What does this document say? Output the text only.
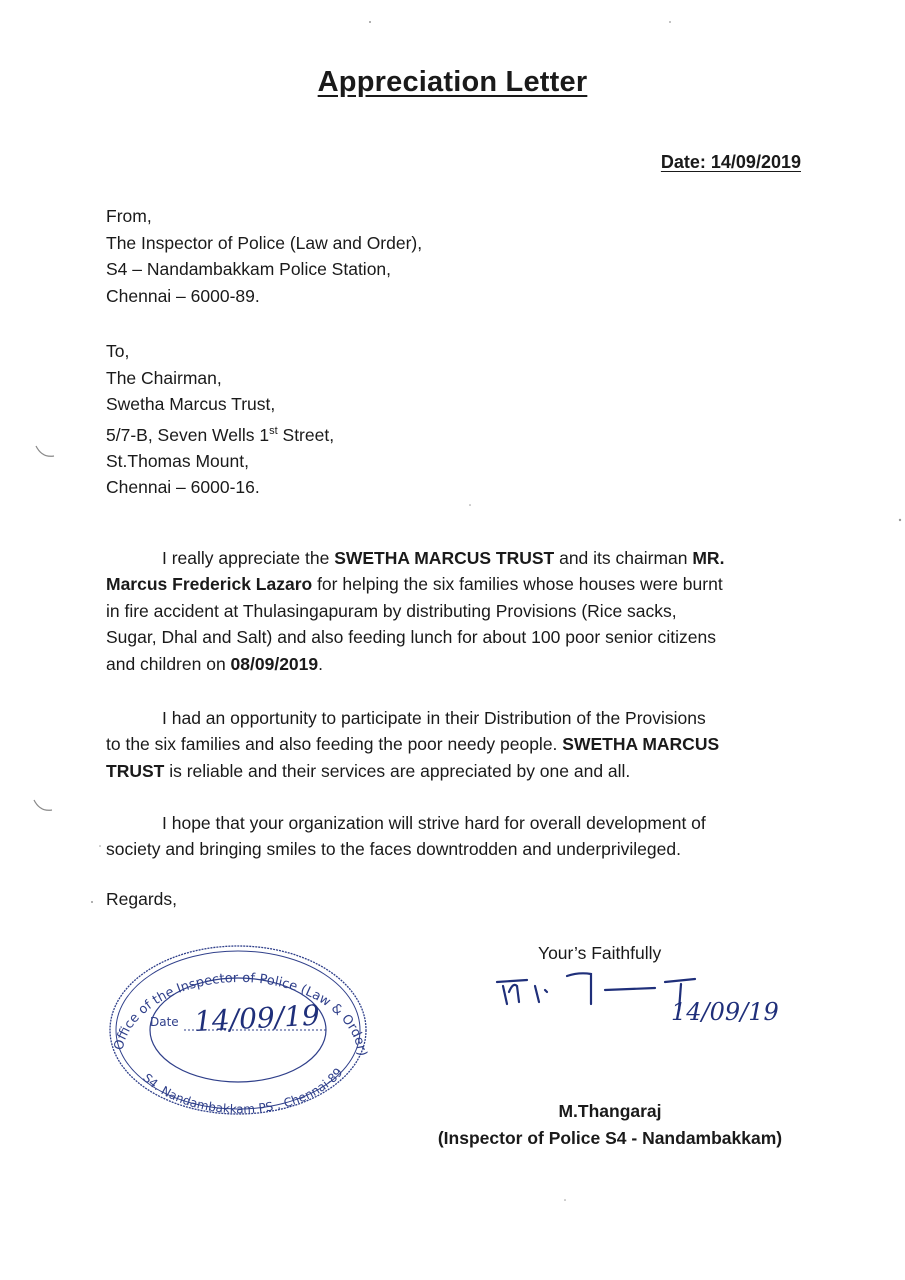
Appreciation Letter
Date: 14/09/2019
From,
The Inspector of Police (Law and Order),
S4 – Nandambakkam Police Station,
Chennai – 6000-89.
To,
The Chairman,
Swetha Marcus Trust,
5/7-B, Seven Wells 1st Street,
St.Thomas Mount,
Chennai – 6000-16.
I really appreciate the SWETHA MARCUS TRUST and its chairman MR.
Marcus Frederick Lazaro for helping the six families whose houses were burnt
in fire accident at Thulasingapuram by distributing Provisions (Rice sacks,
Sugar, Dhal and Salt) and also feeding lunch for about 100 poor senior citizens
and children on 08/09/2019.
I had an opportunity to participate in their Distribution of the Provisions
to the six families and also feeding the poor needy people. SWETHA MARCUS
TRUST is reliable and their services are appreciated by one and all.
I hope that your organization will strive hard for overall development of
society and bringing smiles to the faces downtrodden and underprivileged.
Regards,
Your’s Faithfully
Office of the Inspector of Police (Law & Order)
S4. Nandambakkam PS . Chennai-89
Date 14/09/19	14/09/19
M.Thangaraj
(Inspector of Police S4 - Nandambakkam)
